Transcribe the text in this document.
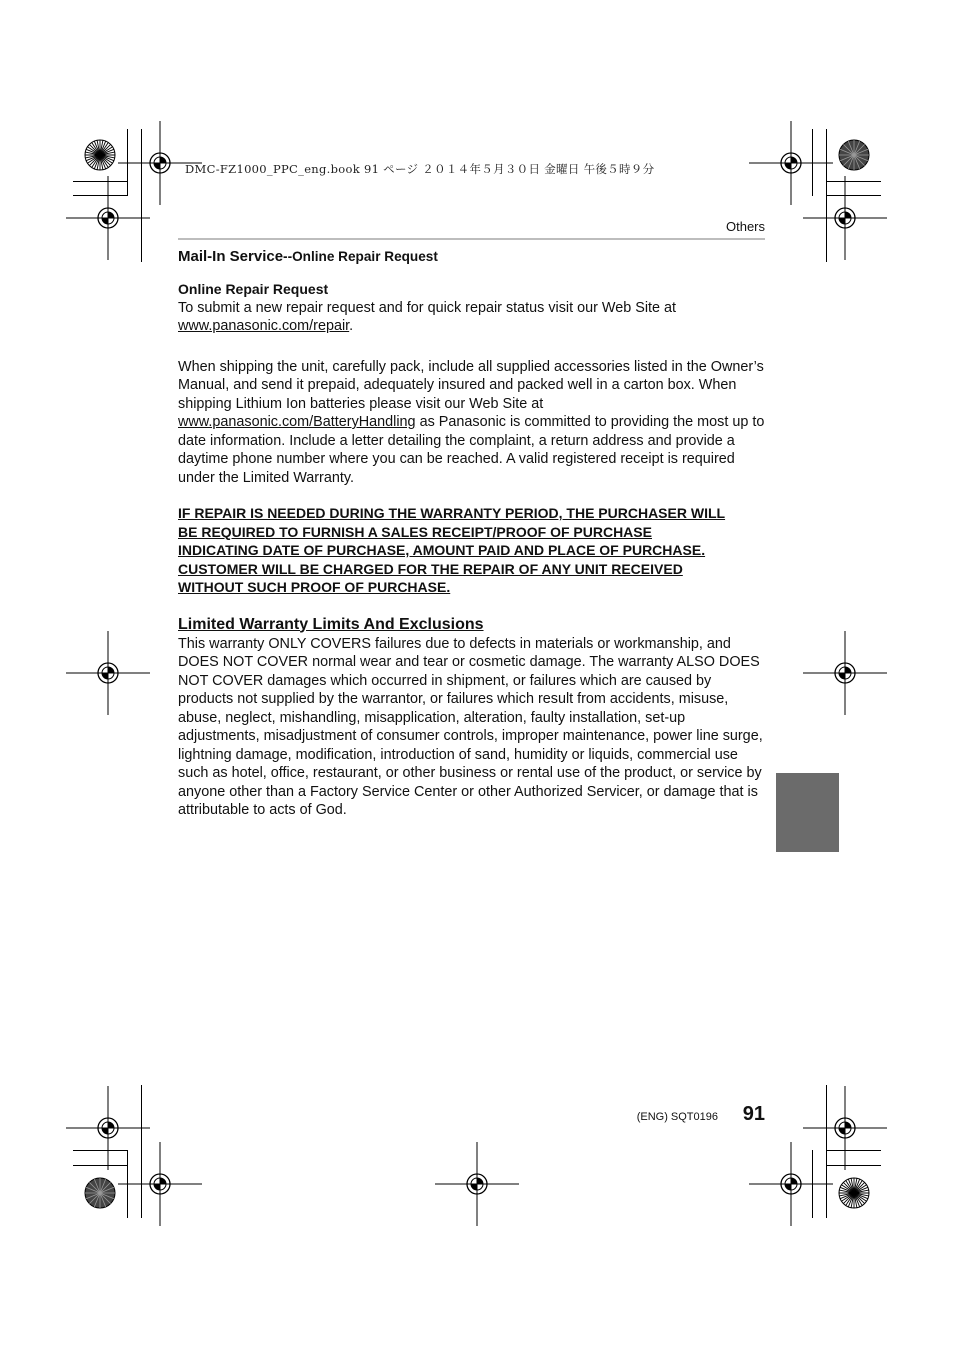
DMC-FZ1000_PPC_eng.book 91 ページ ２０１４年５月３０日 金曜日 午後５時９分
Others
Mail-In Service--Online Repair Request
Online Repair Request

To submit a new repair request and for quick repair status visit our Web Site at
www.panasonic.com/repair.

When shipping the unit, carefully pack, include all supplied accessories listed in the Owner’s Manual, and send it prepaid, adequately insured and packed well in a carton box. When shipping Lithium Ion batteries please visit our Web Site at
www.panasonic.com/BatteryHandling as Panasonic is committed to providing the most up to date information. Include a letter detailing the complaint, a return address and provide a daytime phone number where you can be reached. A valid registered receipt is required under the Limited Warranty.

IF REPAIR IS NEEDED DURING THE WARRANTY PERIOD, THE PURCHASER WILL

BE REQUIRED TO FURNISH A SALES RECEIPT/PROOF OF PURCHASE

INDICATING DATE OF PURCHASE, AMOUNT PAID AND PLACE OF PURCHASE.

CUSTOMER WILL BE CHARGED FOR THE REPAIR OF ANY UNIT RECEIVED

WITHOUT SUCH PROOF OF PURCHASE.

Limited Warranty Limits And Exclusions

This warranty ONLY COVERS failures due to defects in materials or workmanship, and DOES NOT COVER normal wear and tear or cosmetic damage. The warranty ALSO DOES NOT COVER damages which occurred in shipment, or failures which are caused by products not supplied by the warrantor, or failures which result from accidents, misuse, abuse, neglect, mishandling, misapplication, alteration, faulty installation, set-up adjustments, misadjustment of consumer controls, improper maintenance, power line surge, lightning damage, modification, introduction of sand, humidity or liquids, commercial use such as hotel, office, restaurant, or other business or rental use of the product, or service by anyone other than a Factory Service Center or other Authorized Servicer, or damage that is attributable to acts of God.

(ENG) SQT0196	91
